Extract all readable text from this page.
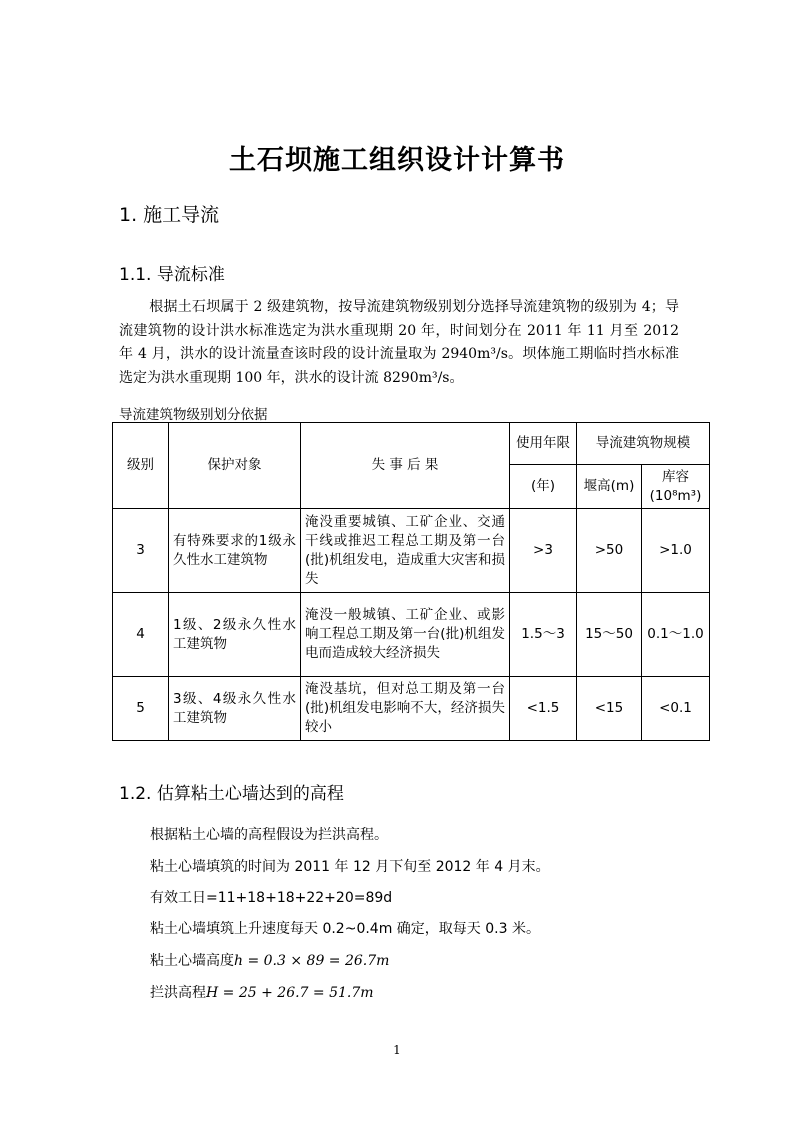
土石坝施工组织设计计算书
1. 施工导流
1.1. 导流标准
根据土石坝属于 2 级建筑物，按导流建筑物级别划分选择导流建筑物的级别为 4；导流建筑物的设计洪水标准选定为洪水重现期 20 年，时间划分在 2011 年 11 月至 2012 年 4 月，洪水的设计流量查该时段的设计流量取为 2940m³/s。坝体施工期临时挡水标准选定为洪水重现期 100 年，洪水的设计流 8290m³/s。
导流建筑物级别划分依据
级别	保护对象	失 事 后 果	使用年限	导流建筑物规模	
			(年)	堰高(m)	库容(10⁸m³)
3	有特殊要求的1级永久性水工建筑物	淹没重要城镇、工矿企业、交通干线或推迟工程总工期及第一台(批)机组发电，造成重大灾害和损失	>3	>50	>1.0
4	1级、2级永久性水工建筑物	淹没一般城镇、工矿企业、或影响工程总工期及第一台(批)机组发电而造成较大经济损失	1.5～3	15～50	0.1～1.0
5	3级、4级永久性水工建筑物	淹没基坑，但对总工期及第一台(批)机组发电影响不大，经济损失较小	<1.5	<15	<0.1
1.2. 估算粘土心墙达到的高程
根据粘土心墙的高程假设为拦洪高程。
粘土心墙填筑的时间为 2011 年 12 月下旬至 2012 年 4 月末。
有效工日=11+18+18+22+20=89d
粘土心墙填筑上升速度每天 0.2~0.4m 确定，取每天 0.3 米。
粘土心墙高度h = 0.3 × 89 = 26.7m
拦洪高程H = 25 + 26.7 = 51.7m
1
